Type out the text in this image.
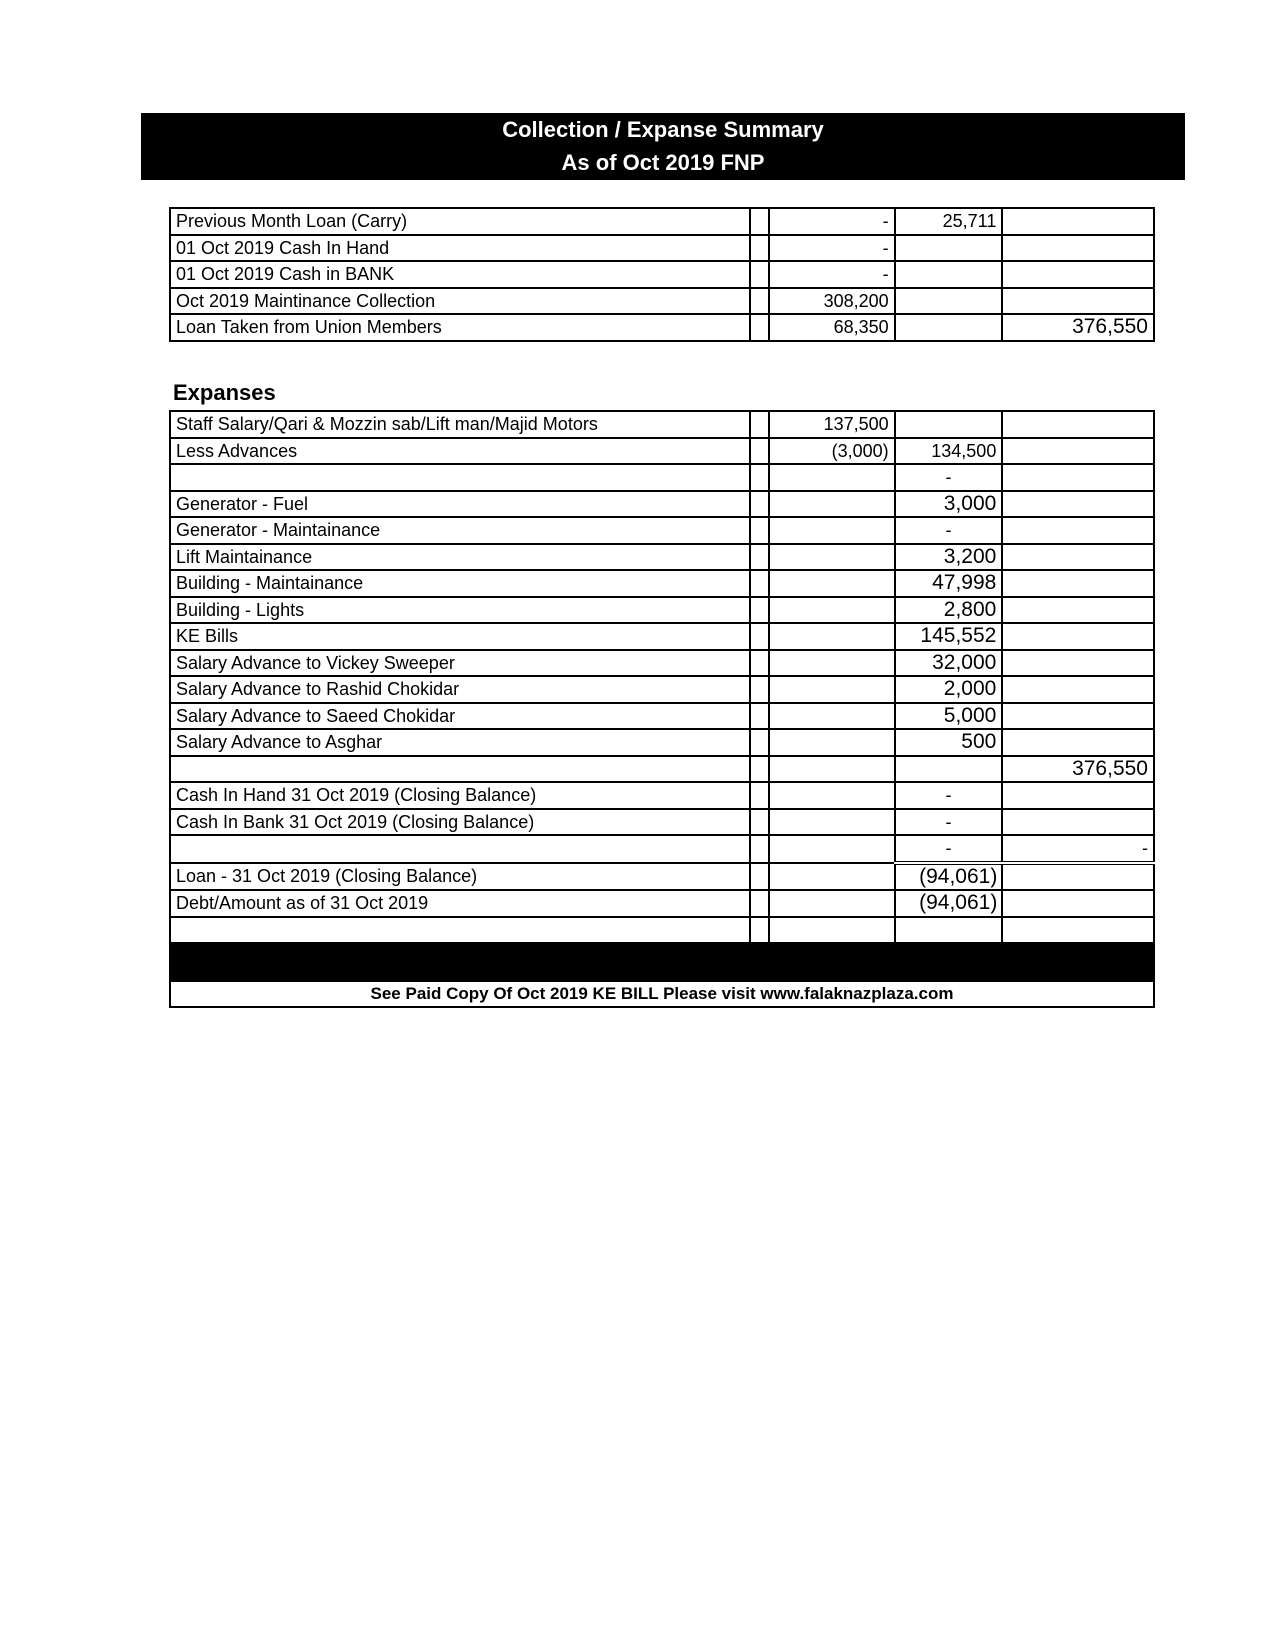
Collection / Expanse Summary
As of Oct 2019 FNP
Previous Month Loan (Carry)		-	25,711	
01 Oct 2019 Cash In Hand		-		
01 Oct 2019 Cash in BANK		-		
Oct 2019 Maintinance Collection		308,200		
Loan Taken from Union Members		68,350		376,550
Expanses
Staff Salary/Qari & Mozzin sab/Lift man/Majid Motors		137,500		
Less Advances		(3,000)	134,500	
			-	
Generator - Fuel			3,000	
Generator - Maintainance			-	
Lift Maintainance			3,200	
Building - Maintainance			47,998	
Building - Lights			2,800	
KE Bills			145,552	
Salary Advance to Vickey Sweeper			32,000	
Salary Advance to Rashid Chokidar			2,000	
Salary Advance to Saeed Chokidar			5,000	
Salary Advance to Asghar			500	
				376,550
Cash In Hand 31 Oct 2019 (Closing Balance)			-	
Cash In Bank 31 Oct 2019 (Closing Balance)			-	
			-	-
Loan - 31 Oct 2019 (Closing Balance)			(94,061)	
Debt/Amount as of 31 Oct 2019			(94,061)	

See Paid Copy Of Oct 2019 KE BILL Please visit www.falaknazplaza.com				
